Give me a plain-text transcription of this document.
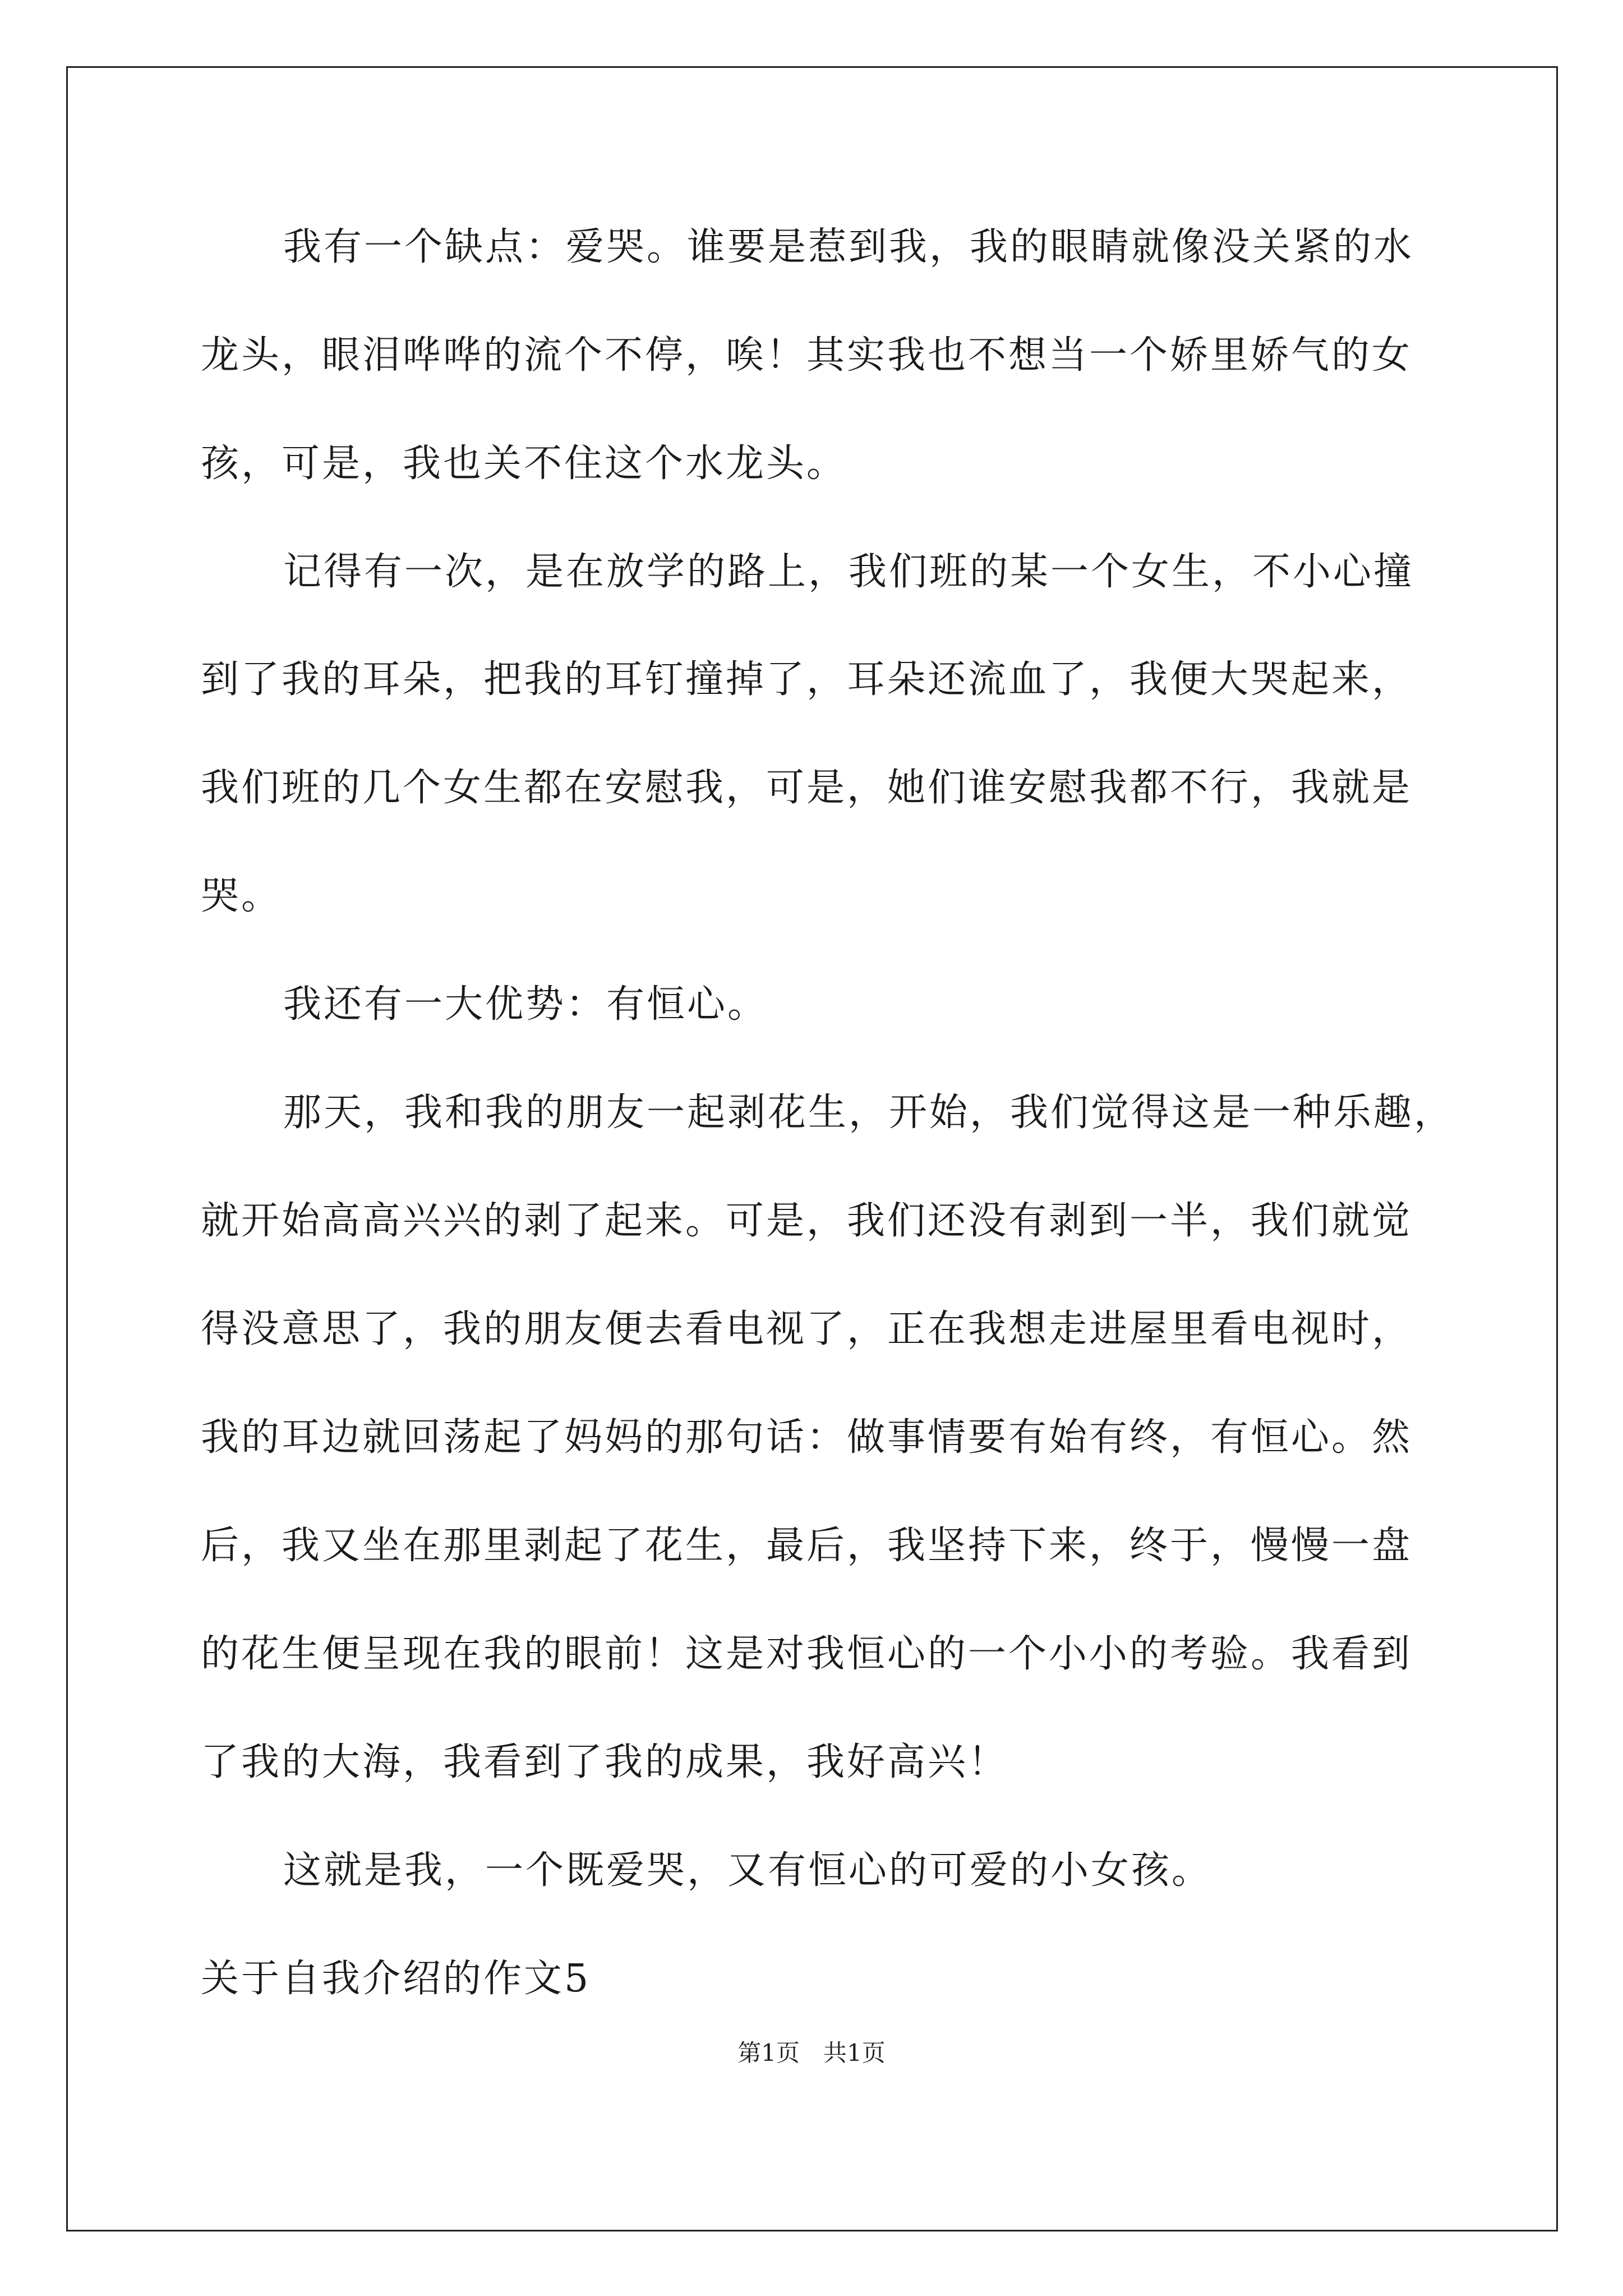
我有一个缺点：爱哭。谁要是惹到我，我的眼睛就像没关紧的水
龙头，眼泪哗哗的流个不停，唉！其实我也不想当一个娇里娇气的女
孩，可是，我也关不住这个水龙头。
记得有一次，是在放学的路上，我们班的某一个女生，不小心撞
到了我的耳朵，把我的耳钉撞掉了，耳朵还流血了，我便大哭起来，
我们班的几个女生都在安慰我，可是，她们谁安慰我都不行，我就是
哭。
我还有一大优势：有恒心。
那天，我和我的朋友一起剥花生，开始，我们觉得这是一种乐趣，
就开始高高兴兴的剥了起来。可是，我们还没有剥到一半，我们就觉
得没意思了，我的朋友便去看电视了，正在我想走进屋里看电视时，
我的耳边就回荡起了妈妈的那句话：做事情要有始有终，有恒心。然
后，我又坐在那里剥起了花生，最后，我坚持下来，终于，慢慢一盘
的花生便呈现在我的眼前！这是对我恒心的一个小小的考验。我看到
了我的大海，我看到了我的成果，我好高兴！
这就是我，一个既爱哭，又有恒心的可爱的小女孩。
关于自我介绍的作文5
第1页　共1页
